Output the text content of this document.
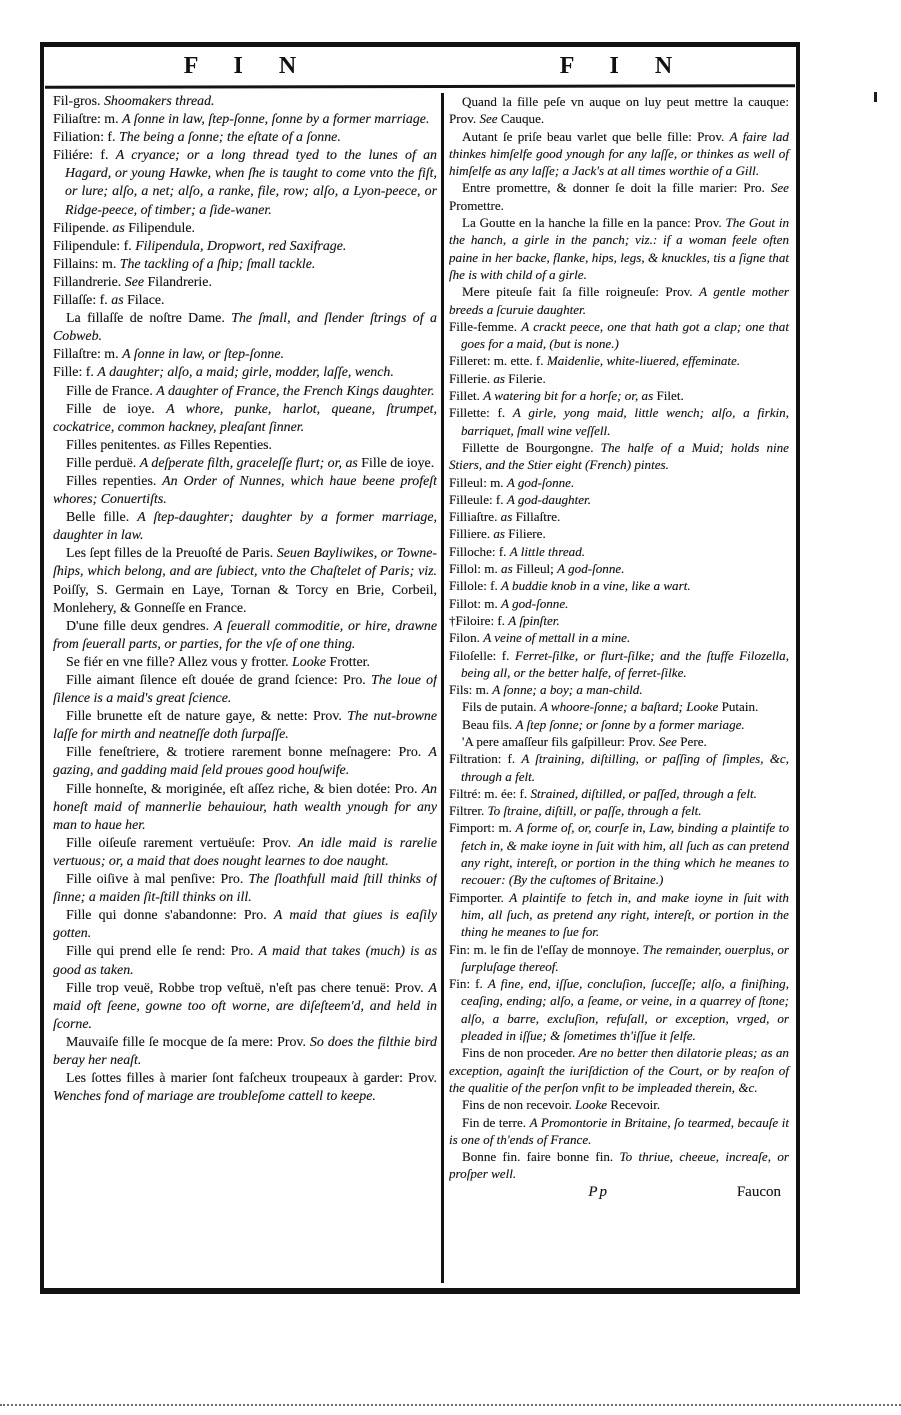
F I N	F I N

Fil-gros. Shoomakers thread.

Filiaſtre: m. A ſonne in law, ſtep-ſonne, ſonne by a former marriage.

Filiation: f. The being a ſonne; the eſtate of a ſonne.

Filiére: f. A cryance; or a long thread tyed to the lunes of an Hagard, or young Hawke, when ſhe is taught to come vnto the fiſt, or lure; alſo, a net; alſo, a ranke, file, row; alſo, a Lyon-peece, or Ridge-peece, of timber; a ſide-waner.

Filipende. as Filipendule.

Filipendule: f. Filipendula, Dropwort, red Saxifrage.

Fillains: m. The tackling of a ſhip; ſmall tackle.

Fillandrerie. See Filandrerie.

Fillaſſe: f. as Filace.

La fillaſſe de noſtre Dame. The ſmall, and ſlender ſtrings of a Cobweb.

Fillaſtre: m. A ſonne in law, or ſtep-ſonne.

Fille: f. A daughter; alſo, a maid; girle, modder, laſſe, wench.

Fille de France. A daughter of France, the French Kings daughter.

Fille de ioye. A whore, punke, harlot, queane, ſtrumpet, cockatrice, common hackney, pleaſant ſinner.

Filles penitentes. as Filles Repenties.

Fille perduë. A deſperate filth, graceleſſe flurt; or, as Fille de ioye.

Filles repenties. An Order of Nunnes, which haue beene profeſt whores; Conuertiſts.

Belle fille. A ſtep-daughter; daughter by a former marriage, daughter in law.

Les ſept filles de la Preuoſté de Paris. Seuen Bayliwikes, or Towne-ſhips, which belong, and are ſubiect, vnto the Chaſtelet of Paris; viz. Poiſſy, S. Germain en Laye, Tornan & Torcy en Brie, Corbeil, Monlehery, & Gonneſſe en France.

D'une fille deux gendres. A ſeuerall commoditie, or hire, drawne from ſeuerall parts, or parties, for the vſe of one thing.

Se fiér en vne fille? Allez vous y frotter. Looke Frotter.

Fille aimant ſilence eſt douée de grand ſcience: Pro. The loue of ſilence is a maid's great ſcience.

Fille brunette eſt de nature gaye, & nette: Prov. The nut-browne laſſe for mirth and neatneſſe doth ſurpaſſe.

Fille feneſtriere, & trotiere rarement bonne meſnagere: Pro. A gazing, and gadding maid ſeld proues good houſwife.

Fille honneſte, & moriginée, eſt aſſez riche, & bien dotée: Pro. An honeſt maid of mannerlie behauiour, hath wealth ynough for any man to haue her.

Fille oiſeuſe rarement vertuëuſe: Prov. An idle maid is rarelie vertuous; or, a maid that does nought learnes to doe naught.

Fille oiſive à mal penſive: Pro. The ſloathfull maid ſtill thinks of ſinne; a maiden ſit-ſtill thinks on ill.

Fille qui donne s'abandonne: Pro. A maid that giues is eaſily gotten.

Fille qui prend elle ſe rend: Pro. A maid that takes (much) is as good as taken.

Fille trop veuë, Robbe trop veſtuë, n'eſt pas chere tenuë: Prov. A maid oft ſeene, gowne too oft worne, are diſeſteem'd, and held in ſcorne.

Mauvaiſe fille ſe mocque de ſa mere: Prov. So does the filthie bird beray her neaſt.

Les ſottes filles à marier ſont faſcheux troupeaux à garder: Prov. Wenches fond of mariage are troubleſome cattell to keepe.

Quand la fille peſe vn auque on luy peut mettre la cauque: Prov. See Cauque.

Autant ſe priſe beau varlet que belle fille: Prov. A faire lad thinkes himſelfe good ynough for any laſſe, or thinkes as well of himſelfe as any laſſe; a Jack's at all times worthie of a Gill.

Entre promettre, & donner ſe doit la fille marier: Pro. See Promettre.

La Goutte en la hanche la fille en la pance: Prov. The Gout in the hanch, a girle in the panch; viz.: if a woman feele often paine in her backe, flanke, hips, legs, & knuckles, tis a ſigne that ſhe is with child of a girle.

Mere piteuſe fait ſa fille roigneuſe: Prov. A gentle mother breeds a ſcuruie daughter.

Fille-femme. A crackt peece, one that hath got a clap; one that goes for a maid, (but is none.)

Filleret: m. ette. f. Maidenlie, white-liuered, effeminate.

Fillerie. as Filerie.

Fillet. A watering bit for a horſe; or, as Filet.

Fillette: f. A girle, yong maid, little wench; alſo, a firkin, barriquet, ſmall wine veſſell.

Fillette de Bourgongne. The halfe of a Muid; holds nine Stiers, and the Stier eight (French) pintes.

Filleul: m. A god-ſonne.

Filleule: f. A god-daughter.

Filliaſtre. as Fillaſtre.

Filliere. as Filiere.

Filloche: f. A little thread.

Fillol: m. as Filleul; A god-ſonne.

Fillole: f. A buddie knob in a vine, like a wart.

Fillot: m. A god-ſonne.

†Filoire: f. A ſpinſter.

Filon. A veine of mettall in a mine.

Filoſelle: f. Ferret-ſilke, or flurt-ſilke; and the ſtuffe Filozella, being all, or the better halfe, of ferret-ſilke.

Fils: m. A ſonne; a boy; a man-child.

Fils de putain. A whoore-ſonne; a baſtard; Looke Putain.

Beau fils. A ſtep ſonne; or ſonne by a former mariage.

'A pere amaſſeur fils gaſpilleur: Prov. See Pere.

Filtration: f. A ſtraining, diſtilling, or paſſing of ſimples, &c, through a felt.

Filtré: m. ée: f. Strained, diſtilled, or paſſed, through a felt.

Filtrer. To ſtraine, diſtill, or paſſe, through a felt.

Fimport: m. A forme of, or, courſe in, Law, binding a plaintife to fetch in, & make ioyne in ſuit with him, all ſuch as can pretend any right, intereſt, or portion in the thing which he meanes to recouer: (By the cuſtomes of Britaine.)

Fimporter. A plaintife to fetch in, and make ioyne in ſuit with him, all ſuch, as pretend any right, intereſt, or portion in the thing he meanes to ſue for.

Fin: m. le fin de l'eſſay de monnoye. The remainder, ouerplus, or ſurpluſage thereof.

Fin: f. A fine, end, iſſue, concluſion, ſucceſſe; alſo, a finiſhing, ceaſing, ending; alſo, a ſeame, or veine, in a quarrey of ſtone; alſo, a barre, excluſion, refuſall, or exception, vrged, or pleaded in iſſue; & ſometimes th'iſſue it ſelfe.

Fins de non proceder. Are no better then dilatorie pleas; as an exception, againſt the iuriſdiction of the Court, or by reaſon of the qualitie of the perſon vnfit to be impleaded therein, &c.

Fins de non recevoir. Looke Recevoir.

Fin de terre. A Promontorie in Britaine, ſo tearmed, becauſe it is one of th'ends of France.

Bonne fin. faire bonne fin. To thriue, cheeue, increaſe, or proſper well.

Pp	Faucon
